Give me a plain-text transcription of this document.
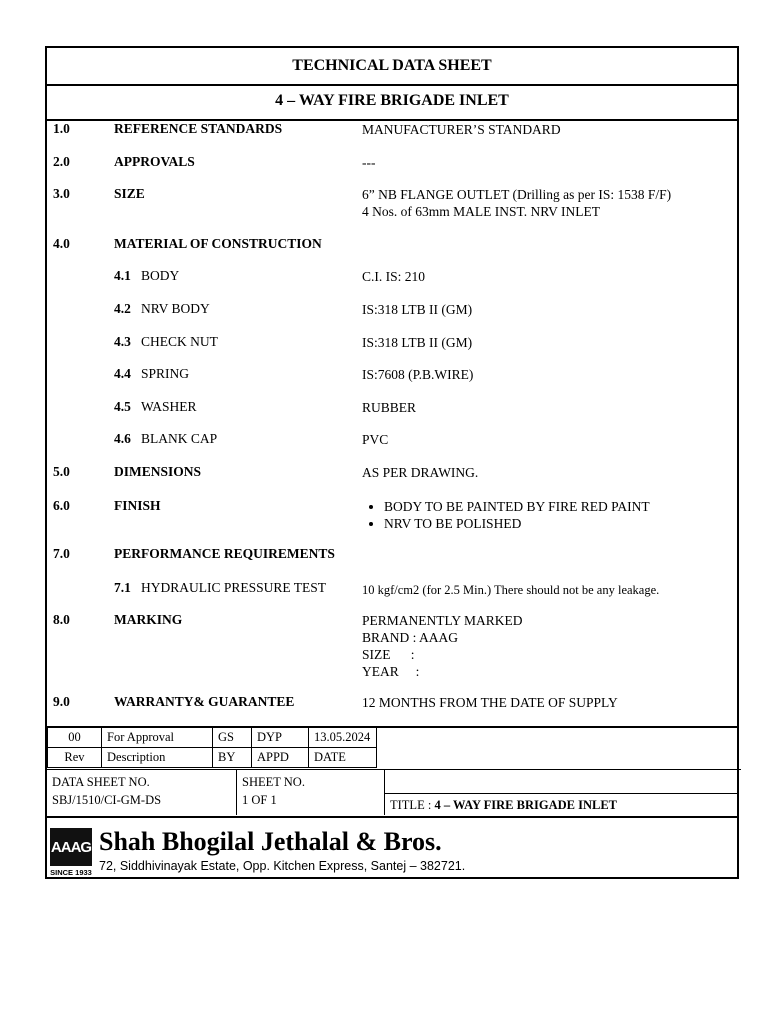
TECHNICAL DATA SHEET
4 – WAY FIRE BRIGADE INLET
1.0	REFERENCE STANDARDS	MANUFACTURER’S STANDARD
2.0	APPROVALS	---
3.0	SIZE	6” NB FLANGE OUTLET (Drilling as per IS: 1538 F/F)
4 Nos. of 63mm MALE INST. NRV INLET
4.0	MATERIAL OF CONSTRUCTION
4.1 BODY	C.I. IS: 210
4.2 NRV BODY	IS:318 LTB II (GM)
4.3 CHECK NUT	IS:318 LTB II (GM)
4.4 SPRING	IS:7608 (P.B.WIRE)
4.5 WASHER	RUBBER
4.6 BLANK CAP	PVC
5.0	DIMENSIONS	AS PER DRAWING.
6.0	FINISH	• BODY TO BE PAINTED BY FIRE RED PAINT
• NRV TO BE POLISHED
7.0	PERFORMANCE REQUIREMENTS
7.1 HYDRAULIC PRESSURE TEST	10 kgf/cm2 (for 2.5 Min.) There should not be any leakage.
8.0	MARKING	PERMANENTLY MARKED
BRAND : AAAG
SIZE      :
YEAR     :
9.0	WARRANTY& GUARANTEE	12 MONTHS FROM THE DATE OF SUPPLY
00	For Approval	GS	DYP	13.05.2024
Rev	Description	BY	APPD	DATE
DATA SHEET NO.
SBJ/1510/CI-GM-DS
SHEET NO.
1 OF 1	TITLE : 4 – WAY FIRE BRIGADE INLET
AAAG
SINCE 1933
Shah Bhogilal Jethalal & Bros.
72, Siddhivinayak Estate, Opp. Kitchen Express, Santej – 382721.
